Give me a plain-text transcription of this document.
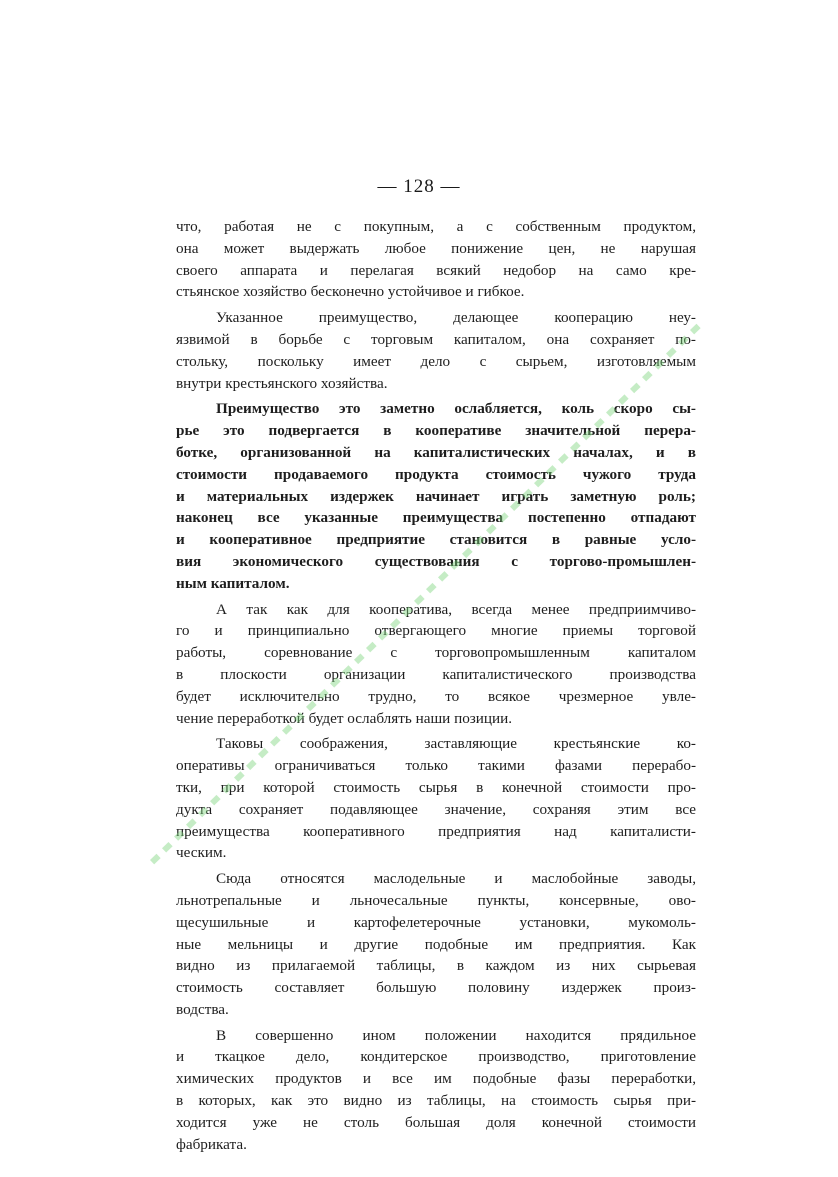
— 128 —
что, работая не с покупным, а с собственным продуктом,
она может выдержать любое понижение цен, не нарушая
своего аппарата и перелагая всякий недобор на само кре-
стьянское хозяйство бесконечно устойчивое и гибкое.
Указанное преимущество, делающее кооперацию неу-
язвимой в борьбе с торговым капиталом, она сохраняет по-
стольку, поскольку имеет дело с сырьем, изготовляемым
внутри крестьянского хозяйства.
Преимущество это заметно ослабляется, коль скоро сы-
рье это подвергается в кооперативе значительной перера-
ботке, организованной на капиталистических началах, и в
стоимости продаваемого продукта стоимость чужого труда
и материальных издержек начинает играть заметную роль;
наконец все указанные преимущества постепенно отпадают
и кооперативное предприятие становится в равные усло-
вия экономического существования с торгово-промышлен-
ным капиталом.
А так как для кооператива, всегда менее предприимчиво-
го и принципиально отвергающего многие приемы торговой
работы, соревнование с торговопромышленным капиталом
в плоскости организации капиталистического производства
будет исключительно трудно, то всякое чрезмерное увле-
чение переработкой будет ослаблять наши позиции.
Таковы соображения, заставляющие крестьянские ко-
оперативы ограничиваться только такими фазами перерабо-
тки, при которой стоимость сырья в конечной стоимости про-
дукта сохраняет подавляющее значение, сохраняя этим все
преимущества кооперативного предприятия над капиталисти-
ческим.
Сюда относятся маслодельные и маслобойные заводы,
льнотрепальные и льночесальные пункты, консервные, ово-
щесушильные и картофелетерочные установки, мукомоль-
ные мельницы и другие подобные им предприятия. Как
видно из прилагаемой таблицы, в каждом из них сырьевая
стоимость составляет большую половину издержек произ-
водства.
В совершенно ином положении находится прядильное
и ткацкое дело, кондитерское производство, приготовление
химических продуктов и все им подобные фазы переработки,
в которых, как это видно из таблицы, на стоимость сырья при-
ходится уже не столь большая доля конечной стоимости
фабриката.
